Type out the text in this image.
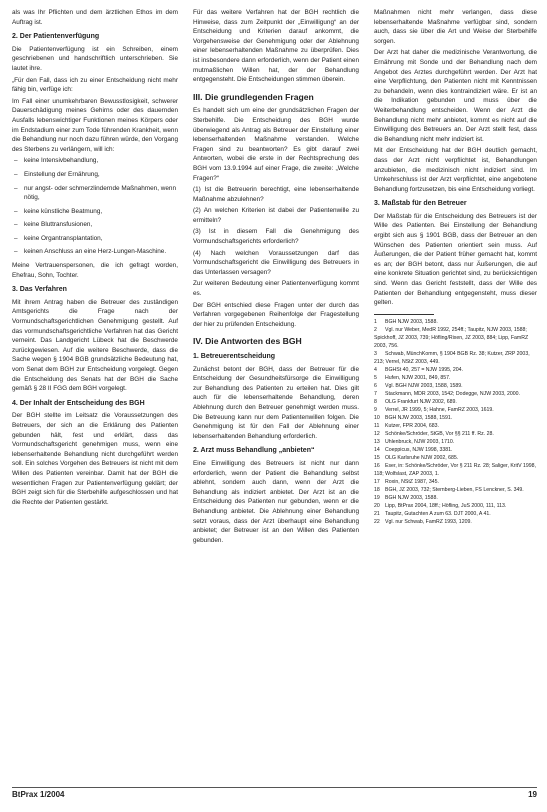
als was Ihr Pflichten und dem ärztlichen Ethos im dem Auftrag ist.

2. Der Patientenverfügung

Die Patientenverfügung ist ein Schreiben, einem geschriebenen und handschriftlich unterschrieben. Sie lautet ihre.

„Für den Fall, dass ich zu einer Entscheidung nicht mehr fähig bin, verfüge ich:

Im Fall einer unumkehrbaren Bewusstlosigkeit, schwerer Dauerschädigung meines Gehirns oder des dauernden Ausfalls lebenswichtiger Funktionen meines Körpers oder im Endstadium einer zum Tode führenden Krankheit, wenn die Behandlung nur noch dazu führen würde, den Vorgang des Sterbens zu verlängern, will ich:

– keine Intensivbehandlung,
– Einstellung der Ernährung,
– nur angst- oder schmerzlindernde Maßnahmen, wenn nötig,
– keine künstliche Beatmung,
– keine Bluttransfusionen,
– keine Organtransplantation,
– keinen Anschluss an eine Herz-Lungen-Maschine.

Meine Vertrauenspersonen, die ich gefragt worden, Ehefrau, Sohn, Tochter.

3. Das Verfahren

Mit ihrem Antrag haben die Betreuer des zuständigen Amtsgerichts die Frage nach der Vormundschaftsgerichtlichen Genehmigung gestellt. Auf das vormundschaftsgerichtliche Verfahren hat das Gericht verneint. Das Landgericht Lübeck hat die Beschwerde zurückgewiesen. Auf die weitere Beschwerde, dass die Sache wegen § 1904 BGB grundsätzliche Bedeutung hat, vom Senat dem BGH zur Entscheidung vorgelegt. Gegen die Entscheidung des Senats hat der BGH die Sache gemäß § 28 II FGG dem BGH vorgelegt.

4. Der Inhalt der Entscheidung des BGH

Der BGH stellte im Leitsatz die Voraussetzungen des Betreuers, der sich an die Erklärung des Patienten gebunden hält, fest und erklärt, dass das Vormundschaftsgericht genehmigen muss, wenn eine lebenserhaltende Behandlung nicht durchgeführt werden soll. Ein solches Vorgehen des Betreuers ist nicht mit dem Willen des Patienten vereinbar. Damit hat der BGH die wesentlichen Fragen zur Patientenverfügung geklärt; der BGH zeigt sich für die Sterbehilfe aufgeschlossen und hat die Rechte der Patienten gestärkt.

Für das weitere Verfahren hat der BGH rechtlich die Hinweise, dass zum Zeitpunkt der „Einwilligung“ an der Entscheidung und Kriterien darauf ankommt, die Vorgehensweise der Genehmigung oder der Ablehnung einer lebenserhaltenden Maßnahme zu überprüfen. Dies ist insbesondere dann erforderlich, wenn der Patient einen mutmaßlichen Willen hat, der der Behandlung entgegensteht. Die Entscheidungen stimmen überein.

III. Die grundlegenden Fragen

Es handelt sich um eine der grundsätzlichen Fragen der Sterbehilfe. Die Entscheidung des BGH wurde überwiegend als Antrag als Betreuer der Einstellung einer lebenserhaltenden Maßnahme verstanden. Welche Fragen sind zu beantworten? Es gibt darauf zwei Antworten, wobei die erste in der Rechtsprechung des BGH vom 13.9.1994 auf einer Frage, die zweite: „Welche Fragen?“

(1) Ist die Betreuerin berechtigt, eine lebenserhaltende Maßnahme abzulehnen?

(2) An welchen Kriterien ist dabei der Patientenwille zu ermitteln?

(3) Ist in diesem Fall die Genehmigung des Vormundschaftsgerichts erforderlich?

(4) Nach welchen Voraussetzungen darf das Vormundschaftsgericht die Einwilligung des Betreuers in das Unterlassen versagen?

Zur weiteren Bedeutung einer Patientenverfügung kommt es.

Der BGH entschied diese Fragen unter der durch das Verfahren vorgegebenen Reihenfolge der Fragestellung der hier zu prüfenden Entscheidung.

IV. Die Antworten des BGH
1. Betreuerentscheidung

Zunächst betont der BGH, dass der Betreuer für die Entscheidung der Gesundheitsfürsorge die Einwilligung zur Behandlung des Patienten zu erteilen hat. Dies gilt auch für die lebenserhaltende Behandlung, deren Ablehnung durch den Betreuer genehmigt werden muss. Die Betreuung kann nur dem Patientenwillen folgen. Die Genehmigung ist für den Fall der Ablehnung einer lebenserhaltenden Behandlung erforderlich.

2. Arzt muss Behandlung „anbieten“

Eine Einwilligung des Betreuers ist nicht nur dann erforderlich, wenn der Patient die Behandlung selbst ablehnt, sondern auch dann, wenn der Arzt die Behandlung als indiziert anbietet. Der Arzt ist an die Entscheidung des Patienten nur gebunden, wenn er die Behandlung anbietet. Die Ablehnung einer Behandlung setzt voraus, dass der Arzt überhaupt eine Behandlung anbietet; der Betreuer ist an den Willen des Patienten gebunden.

Maßnahmen nicht mehr verlangen, dass diese lebenserhaltende Maßnahme verfügbar sind, sondern auch, dass sie über die Art und Weise der Sterbehilfe sorgen.

Der Arzt hat daher die medizinische Verantwortung, die Ernährung mit Sonde und der Behandlung nach dem Angebot des Arztes durchgeführt werden. Der Arzt hat eine Verpflichtung, den Patienten nicht mit Kenntnissen zu behandeln, wenn dies kontraindiziert wäre. Er ist an die Indikation gebunden und muss über die Weiterbehandlung entscheiden. Wenn der Arzt die Behandlung nicht mehr anbietet, kommt es nicht auf die Einwilligung des Betreuers an. Der Arzt stellt fest, dass die Behandlung nicht mehr indiziert ist.

Mit der Entscheidung hat der BGH deutlich gemacht, dass der Arzt nicht verpflichtet ist, Behandlungen anzubieten, die medizinisch nicht indiziert sind. Im Umkehrschluss ist der Arzt verpflichtet, eine angebotene Behandlung fortzusetzen, bis eine Entscheidung vorliegt.

3. Maßstab für den Betreuer

Der Maßstab für die Entscheidung des Betreuers ist der Wille des Patienten. Bei Einstellung der Behandlung ergibt sich aus § 1901 BGB, dass der Betreuer an den Wünschen des Patienten orientiert sein muss. Auf Äußerungen, die der Patient früher gemacht hat, kommt es an; der BGH betont, dass nur Äußerungen, die auf eine konkrete Situation gerichtet sind, zu berücksichtigen sind. Wenn das Gericht feststellt, dass der Wille des Patienten der Behandlung entgegensteht, muss dieser gelten.

1BGH NJW 2003, 1588.

2Vgl. nur Weber, MedR 1992, 254ff.; Taupitz, NJW 2003, 1588; Spickhoff, JZ 2003, 739; Höfling/Rixen, JZ 2003, 884; Lipp, FamRZ 2003, 756.

3Schwab, MünchKomm, § 1904 BGB Rz. 38; Kutzer, ZRP 2003, 213; Verrel, NStZ 2003, 449.

4BGHSt 40, 257 = NJW 1995, 204.

5Hufen, NJW 2001, 849, 857.

6Vgl. BGH NJW 2003, 1588, 1589.

7Stackmann, MDR 2003, 1542; Dodegge, NJW 2003, 2000.

8OLG Frankfurt NJW 2002, 689.

9Verrel, JR 1999, 5; Hahne, FamRZ 2003, 1619.

10BGH NJW 2003, 1588, 1591.

11Kutzer, FPR 2004, 683.

12Schönke/Schröder, StGB, Vor §§ 211 ff. Rz. 28.

13Uhlenbruck, NJW 2003, 1710.

14Coeppicus, NJW 1998, 3381.

15OLG Karlsruhe NJW 2002, 685.

16Eser, in: Schönke/Schröder, Vor § 211 Rz. 28; Saliger, KritV 1998, 118; Wolfslast, ZAP 2003, 1.

17Roxin, NStZ 1987, 345.

18BGH, JZ 2003, 732; Sternberg-Lieben, FS Lenckner, S. 349.

19BGH NJW 2003, 1588.

20Lipp, BtPrax 2004, 18ff.; Höfling, JuS 2000, 111, 113.

21Taupitz, Gutachten A zum 63. DJT 2000, A 41.

22Vgl. nur Schwab, FamRZ 1993, 1209.

BtPrax 1/2004	19
